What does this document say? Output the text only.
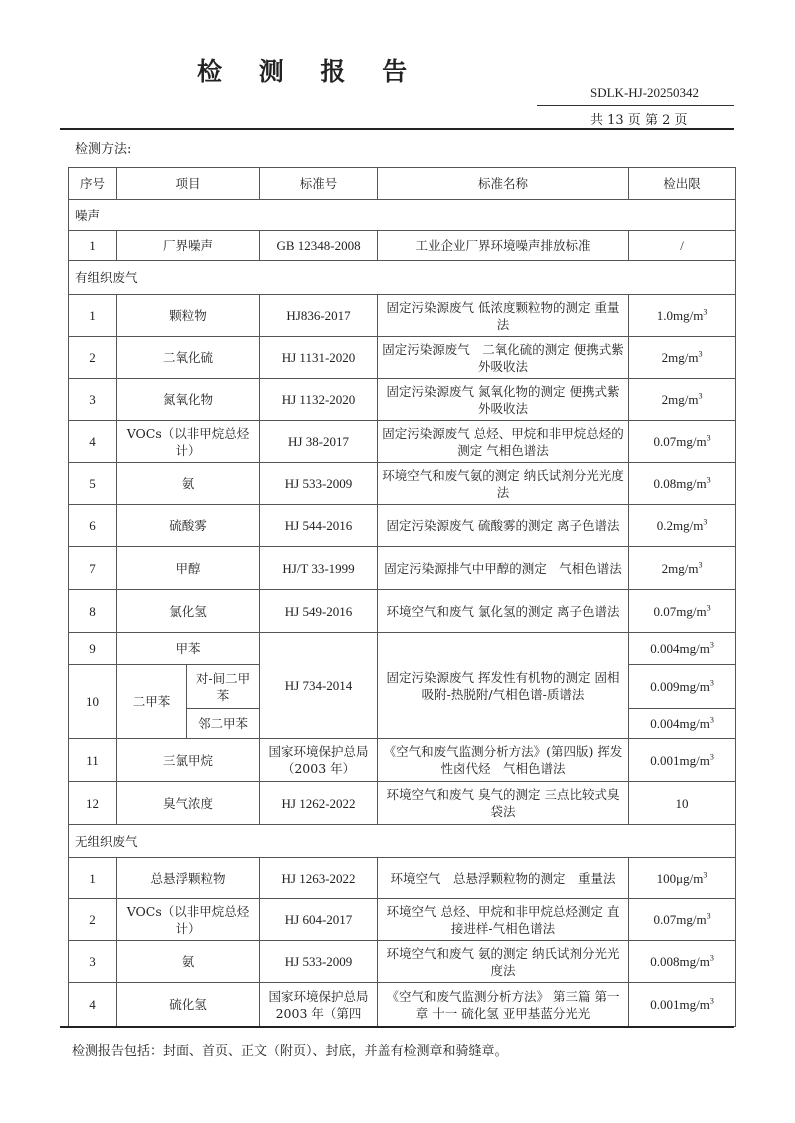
检 测 报 告
SDLK-HJ-20250342
共 13 页 第 2 页
检测方法:
序号	项目		标准号	标准名称	检出限
噪声					
1	厂界噪声		GB 12348-2008	工业企业厂界环境噪声排放标准	/
有组织废气					
1	颗粒物		HJ836-2017	固定污染源废气 低浓度颗粒物的测定 重量法	$1.0mg/m^3$
2	二氧化硫		HJ 1131-2020	固定污染源废气　二氧化硫的测定 便携式紫外吸收法	$2mg/m^3$
3	氮氧化物		HJ 1132-2020	固定污染源废气 氮氧化物的测定 便携式紫外吸收法	$2mg/m^3$
4	VOCs（以非甲烷总烃计）		HJ 38-2017	固定污染源废气 总烃、甲烷和非甲烷总烃的测定 气相色谱法	$0.07mg/m^3$
5	氨		HJ 533-2009	环境空气和废气氨的测定 纳氏试剂分光光度法	$0.08mg/m^3$
6	硫酸雾		HJ 544-2016	固定污染源废气 硫酸雾的测定 离子色谱法	$0.2mg/m^3$
7	甲醇		HJ/T 33-1999	固定污染源排气中甲醇的测定　气相色谱法	$2mg/m^3$
8	氯化氢		HJ 549-2016	环境空气和废气 氯化氢的测定 离子色谱法	$0.07mg/m^3$
9	甲苯		HJ 734-2014	固定污染源废气 挥发性有机物的测定 固相吸附-热脱附/气相色谱-质谱法	$0.004mg/m^3$
10	二甲苯	对-间二甲苯			$0.009mg/m^3$
		邻二甲苯			$0.004mg/m^3$
11	三氯甲烷		国家环境保护总局 （2003 年）	《空气和废气监测分析方法》(第四版) 挥发性卤代烃　气相色谱法	$0.001mg/m^3$
12	臭气浓度		HJ 1262-2022	环境空气和废气 臭气的测定 三点比较式臭袋法	10
无组织废气					
1	总悬浮颗粒物		HJ 1263-2022	环境空气　总悬浮颗粒物的测定　重量法	$100\mu g/m^3$
2	VOCs（以非甲烷总烃计）		HJ 604-2017	环境空气 总烃、甲烷和非甲烷总烃测定 直接进样-气相色谱法	$0.07mg/m^3$
3	氨		HJ 533-2009	环境空气和废气 氨的测定 纳氏试剂分光光度法	$0.008mg/m^3$
4	硫化氢		国家环境保护总局 2003 年（第四	《空气和废气监测分析方法》 第三篇 第一章 十一 硫化氢 亚甲基蓝分光光	$0.001mg/m^3$
检测报告包括：封面、首页、正文（附页）、封底，并盖有检测章和骑缝章。
